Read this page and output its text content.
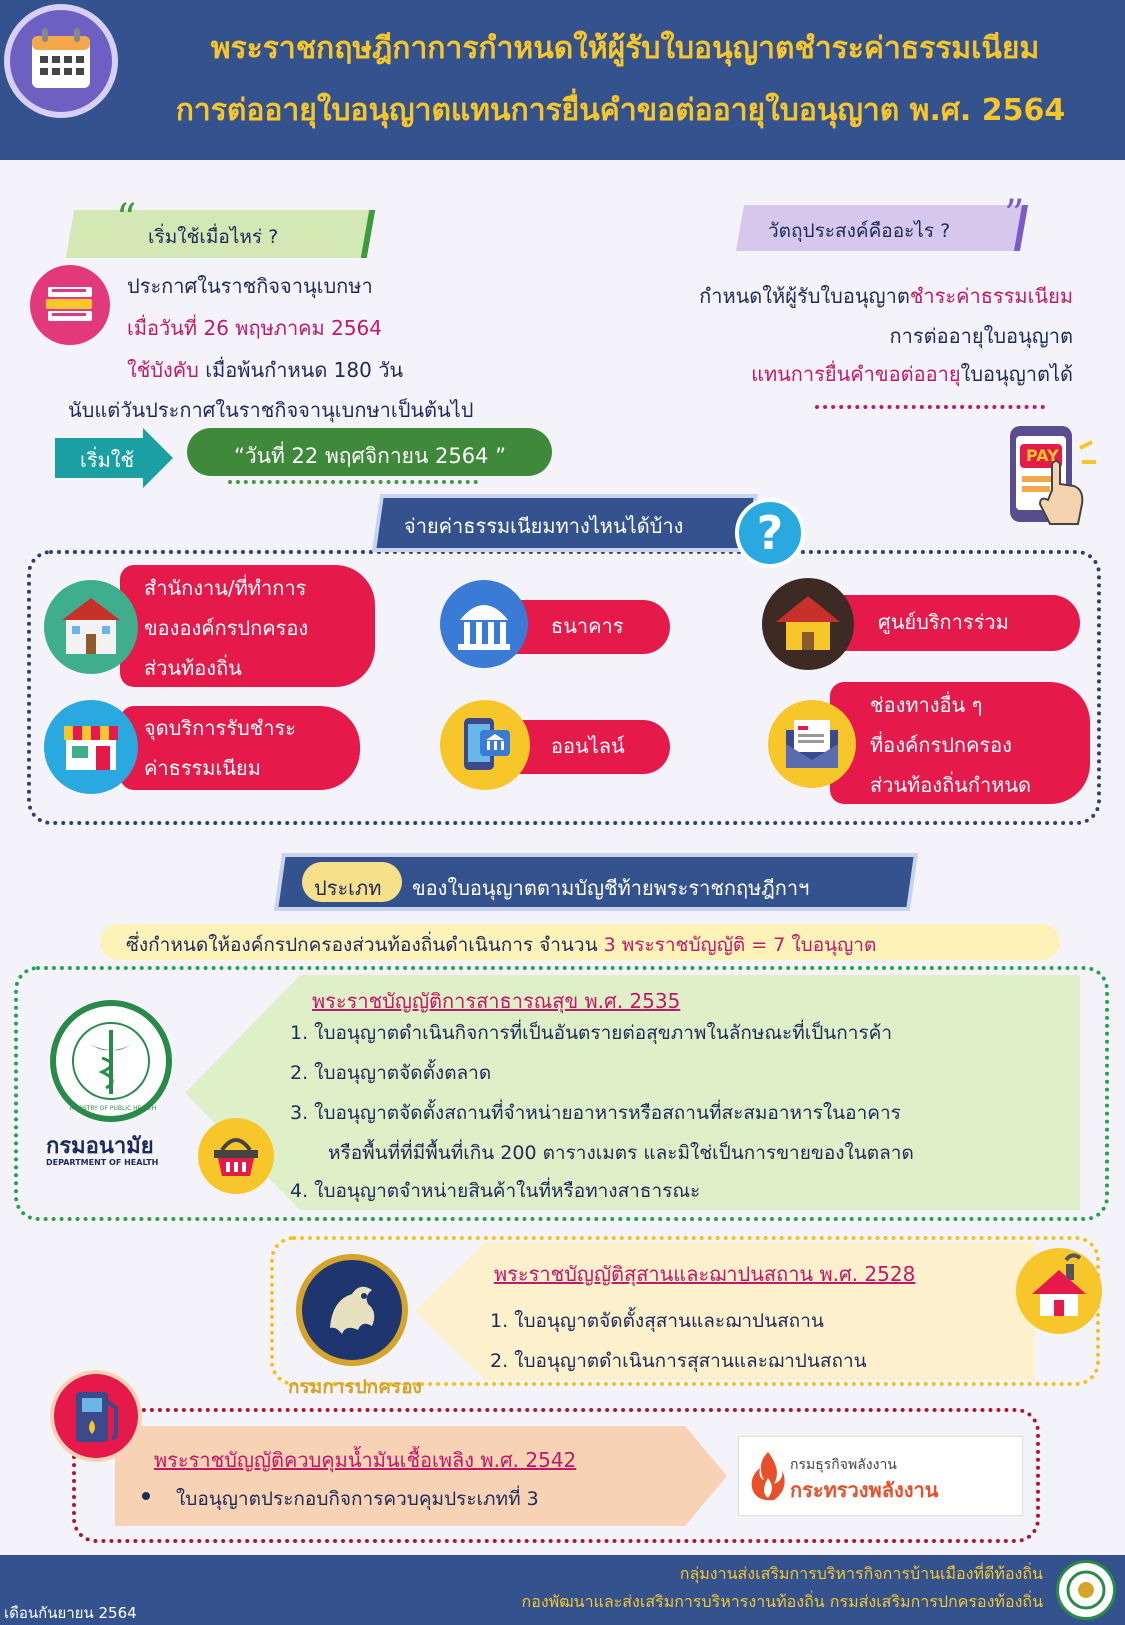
พระราชกฤษฎีกาการกำหนดให้ผู้รับใบอนุญาตชำระค่าธรรมเนียม
การต่ออายุใบอนุญาตแทนการยื่นคำขอต่ออายุใบอนุญาต พ.ศ. 2564
“ เริ่มใช้เมื่อไหร่ ?
ประกาศในราชกิจจานุเบกษา
เมื่อวันที่ 26 พฤษภาคม 2564
ใช้บังคับ เมื่อพ้นกำหนด 180 วัน
นับแต่วันประกาศในราชกิจจานุเบกษาเป็นต้นไป
เริ่มใช้	“วันที่ 22 พฤศจิกายน 2564 ”
วัตถุประสงค์คืออะไร ? ”
กำหนดให้ผู้รับใบอนุญาตชำระค่าธรรมเนียม
การต่ออายุใบอนุญาต
แทนการยื่นคำขอต่ออายุใบอนุญาตได้
PAY
จ่ายค่าธรรมเนียมทางไหนได้บ้าง	?
สำนักงาน/ที่ทำการ
ขององค์กรปกครอง
ส่วนท้องถิ่น
ธนาคาร	ศูนย์บริการร่วม
จุดบริการรับชำระ
ค่าธรรมเนียม
ออนไลน์
ช่องทางอื่น ๆ
ที่องค์กรปกครอง
ส่วนท้องถิ่นกำหนด
ประเภท ของใบอนุญาตตามบัญชีท้ายพระราชกฤษฎีกาฯ
ซึ่งกำหนดให้องค์กรปกครองส่วนท้องถิ่นดำเนินการ จำนวน 3 พระราชบัญญัติ = 7 ใบอนุญาต
MINISTRY OF PUBLIC HEALTH
กรมอนามัย
DEPARTMENT OF HEALTH
พระราชบัญญัติการสาธารณสุข พ.ศ. 2535
1. ใบอนุญาตดำเนินกิจการที่เป็นอันตรายต่อสุขภาพในลักษณะที่เป็นการค้า
2. ใบอนุญาตจัดตั้งตลาด
3. ใบอนุญาตจัดตั้งสถานที่จำหน่ายอาหารหรือสถานที่สะสมอาหารในอาคาร
หรือพื้นที่ที่มีพื้นที่เกิน 200 ตารางเมตร และมิใช่เป็นการขายของในตลาด
4. ใบอนุญาตจำหน่ายสินค้าในที่หรือทางสาธารณะ
กรมการปกครอง
พระราชบัญญัติสุสานและฌาปนสถาน พ.ศ. 2528
1. ใบอนุญาตจัดตั้งสุสานและฌาปนสถาน
2. ใบอนุญาตดำเนินการสุสานและฌาปนสถาน
พระราชบัญญัติควบคุมน้ำมันเชื้อเพลิง พ.ศ. 2542
ใบอนุญาตประกอบกิจการควบคุมประเภทที่ 3
กรมธุรกิจพลังงาน
กระทรวงพลังงาน
เดือนกันยายน 2564
กลุ่มงานส่งเสริมการบริหารกิจการบ้านเมืองที่ดีท้องถิ่น
กองพัฒนาและส่งเสริมการบริหารงานท้องถิ่น กรมส่งเสริมการปกครองท้องถิ่น
